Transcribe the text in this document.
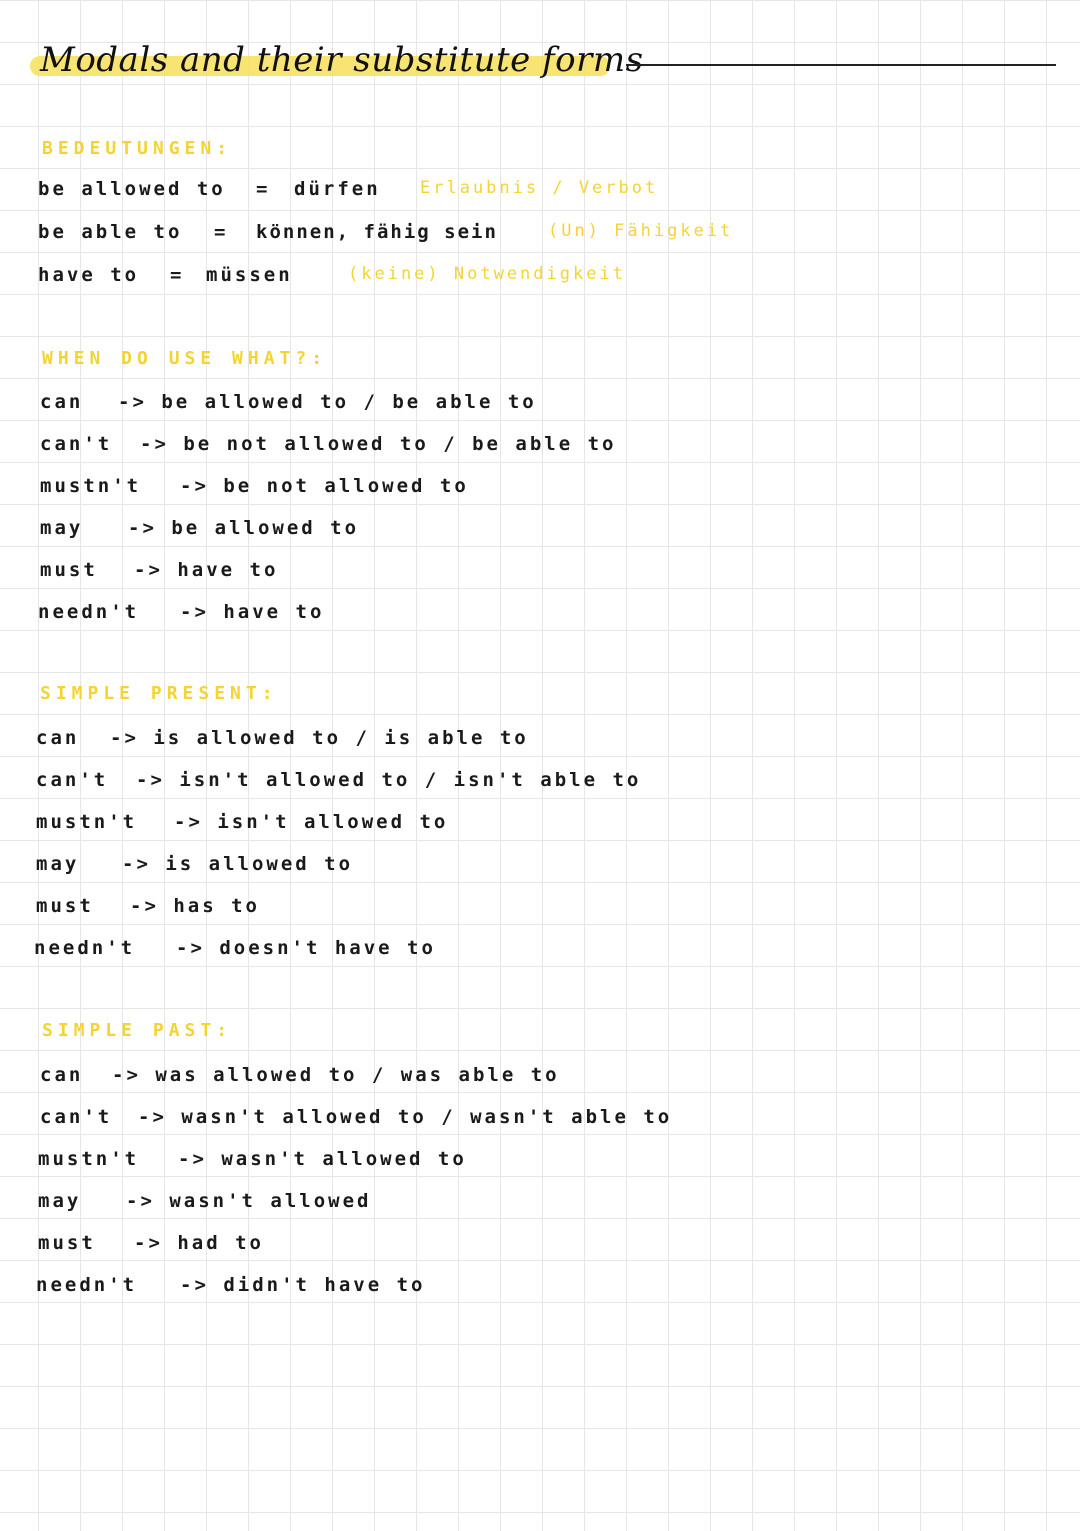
Modals and their substitute forms
BEDEUTUNGEN:
be allowed to = dürfen Erlaubnis / Verbot
be able to = können, fähig sein	(Un) Fähigkeit
have to = müssen	(keine) Notwendigkeit
WHEN DO USE WHAT?:
can -> be allowed to / be able to
can't -> be not allowed to / be able to
mustn't -> be not allowed to
may -> be allowed to
must -> have to
needn't -> have to
SIMPLE PRESENT:
can -> is allowed to / is able to
can't -> isn't allowed to / isn't able to
mustn't -> isn't allowed to
may -> is allowed to
must -> has to
needn't -> doesn't have to
SIMPLE PAST:
can -> was allowed to / was able to
can't -> wasn't allowed to / wasn't able to
mustn't -> wasn't allowed to
may -> wasn't allowed
must -> had to
needn't -> didn't have to
